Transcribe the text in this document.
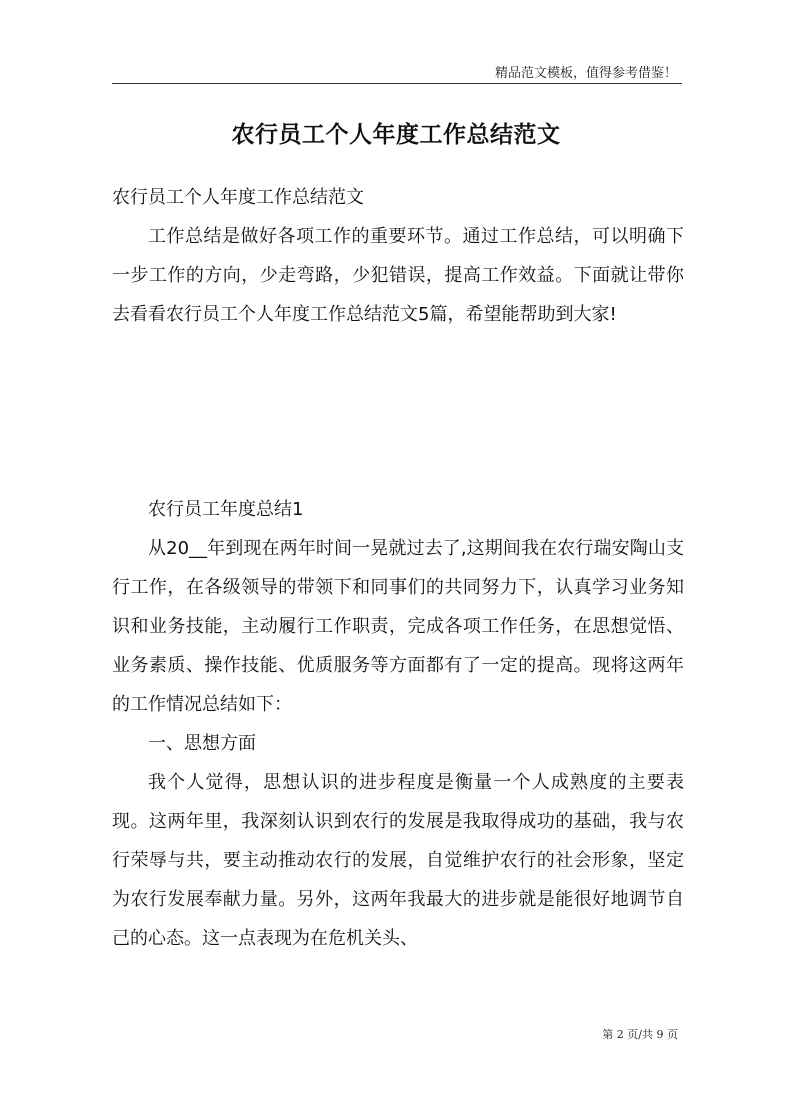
精品范文模板，值得参考借鉴！
农行员工个人年度工作总结范文

农行员工个人年度工作总结范文

工作总结是做好各项工作的重要环节。通过工作总结，可以明确下一步工作的方向，少走弯路，少犯错误，提高工作效益。下面就让带你去看看农行员工个人年度工作总结范文5篇，希望能帮助到大家!

农行员工年度总结1

从20__年到现在两年时间一晃就过去了,这期间我在农行瑞安陶山支行工作，在各级领导的带领下和同事们的共同努力下，认真学习业务知识和业务技能，主动履行工作职责，完成各项工作任务，在思想觉悟、业务素质、操作技能、优质服务等方面都有了一定的提高。现将这两年的工作情况总结如下：

一、思想方面

我个人觉得，思想认识的进步程度是衡量一个人成熟度的主要表现。这两年里，我深刻认识到农行的发展是我取得成功的基础，我与农行荣辱与共，要主动推动农行的发展，自觉维护农行的社会形象，坚定为农行发展奉献力量。另外，这两年我最大的进步就是能很好地调节自己的心态。这一点表现为在危机关头、

第 2 页/共 9 页
